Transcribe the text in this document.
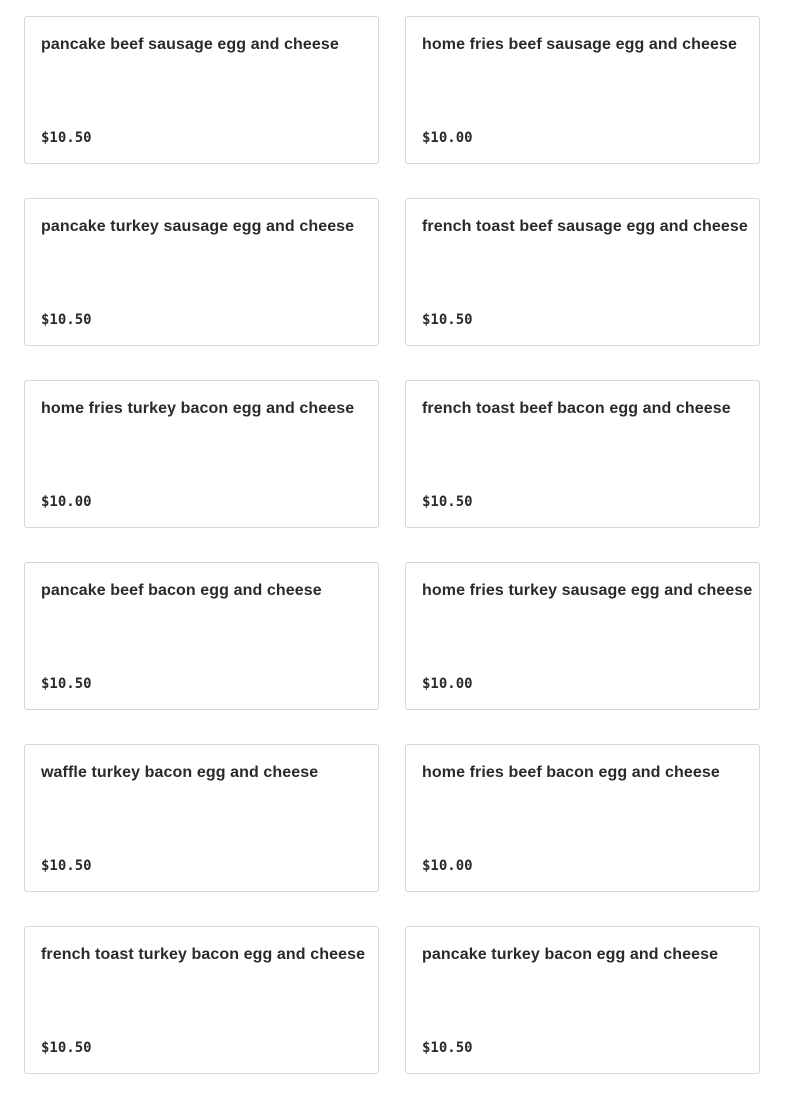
pancake beef sausage egg and cheese
$10.50
home fries beef sausage egg and cheese
$10.00
pancake turkey sausage egg and cheese
$10.50
french toast beef sausage egg and cheese
$10.50
home fries turkey bacon egg and cheese
$10.00
french toast beef bacon egg and cheese
$10.50
pancake beef bacon egg and cheese
$10.50
home fries turkey sausage egg and cheese
$10.00
waffle turkey bacon egg and cheese
$10.50
home fries beef bacon egg and cheese
$10.00
french toast turkey bacon egg and cheese
$10.50
pancake turkey bacon egg and cheese
$10.50
